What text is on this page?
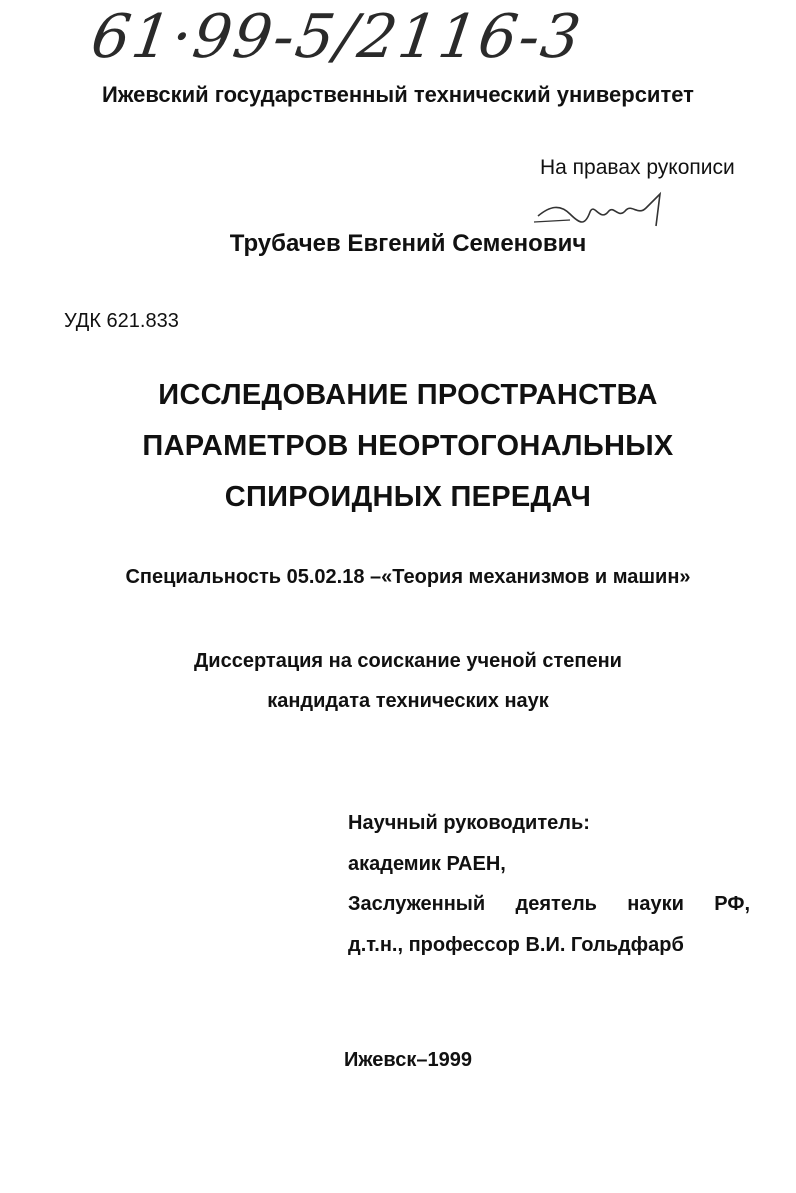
61·99-5/2116-3
Ижевский государственный технический университет
На правах рукописи
Трубачев Евгений Семенович
УДК 621.833
ИССЛЕДОВАНИЕ ПРОСТРАНСТВА
ПАРАМЕТРОВ НЕОРТОГОНАЛЬНЫХ
СПИРОИДНЫХ ПЕРЕДАЧ
Специальность 05.02.18 –«Теория механизмов и машин»
Диссертация на соискание ученой степени
кандидата технических наук
Научный руководитель:
академик РАЕН,
Заслуженный деятель науки РФ,
д.т.н., профессор В.И. Гольдфарб
Ижевск–1999
